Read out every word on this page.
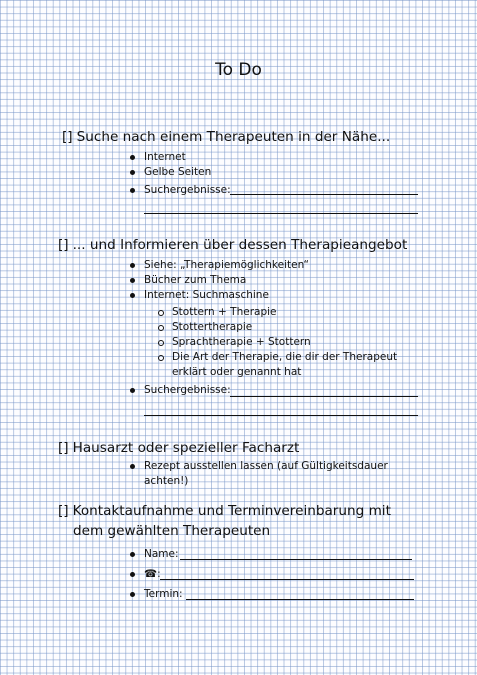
To Do
[] Suche nach einem Therapeuten in der Nähe...
Internet
Gelbe Seiten
Suchergebnisse:
[] ... und Informieren über dessen Therapieangebot
Siehe: „Therapiemöglichkeiten“
Bücher zum Thema
Internet: Suchmaschine
Stottern + Therapie
Stottertherapie
Sprachtherapie + Stottern
Die Art der Therapie, die dir der Therapeut erklärt oder genannt hat
Suchergebnisse:
[] Hausarzt oder spezieller Facharzt
Rezept ausstellen lassen (auf Gültigkeitsdauer achten!)
[] Kontaktaufnahme und Terminvereinbarung mit
dem gewählten Therapeuten
Name:
☎:
Termin:
